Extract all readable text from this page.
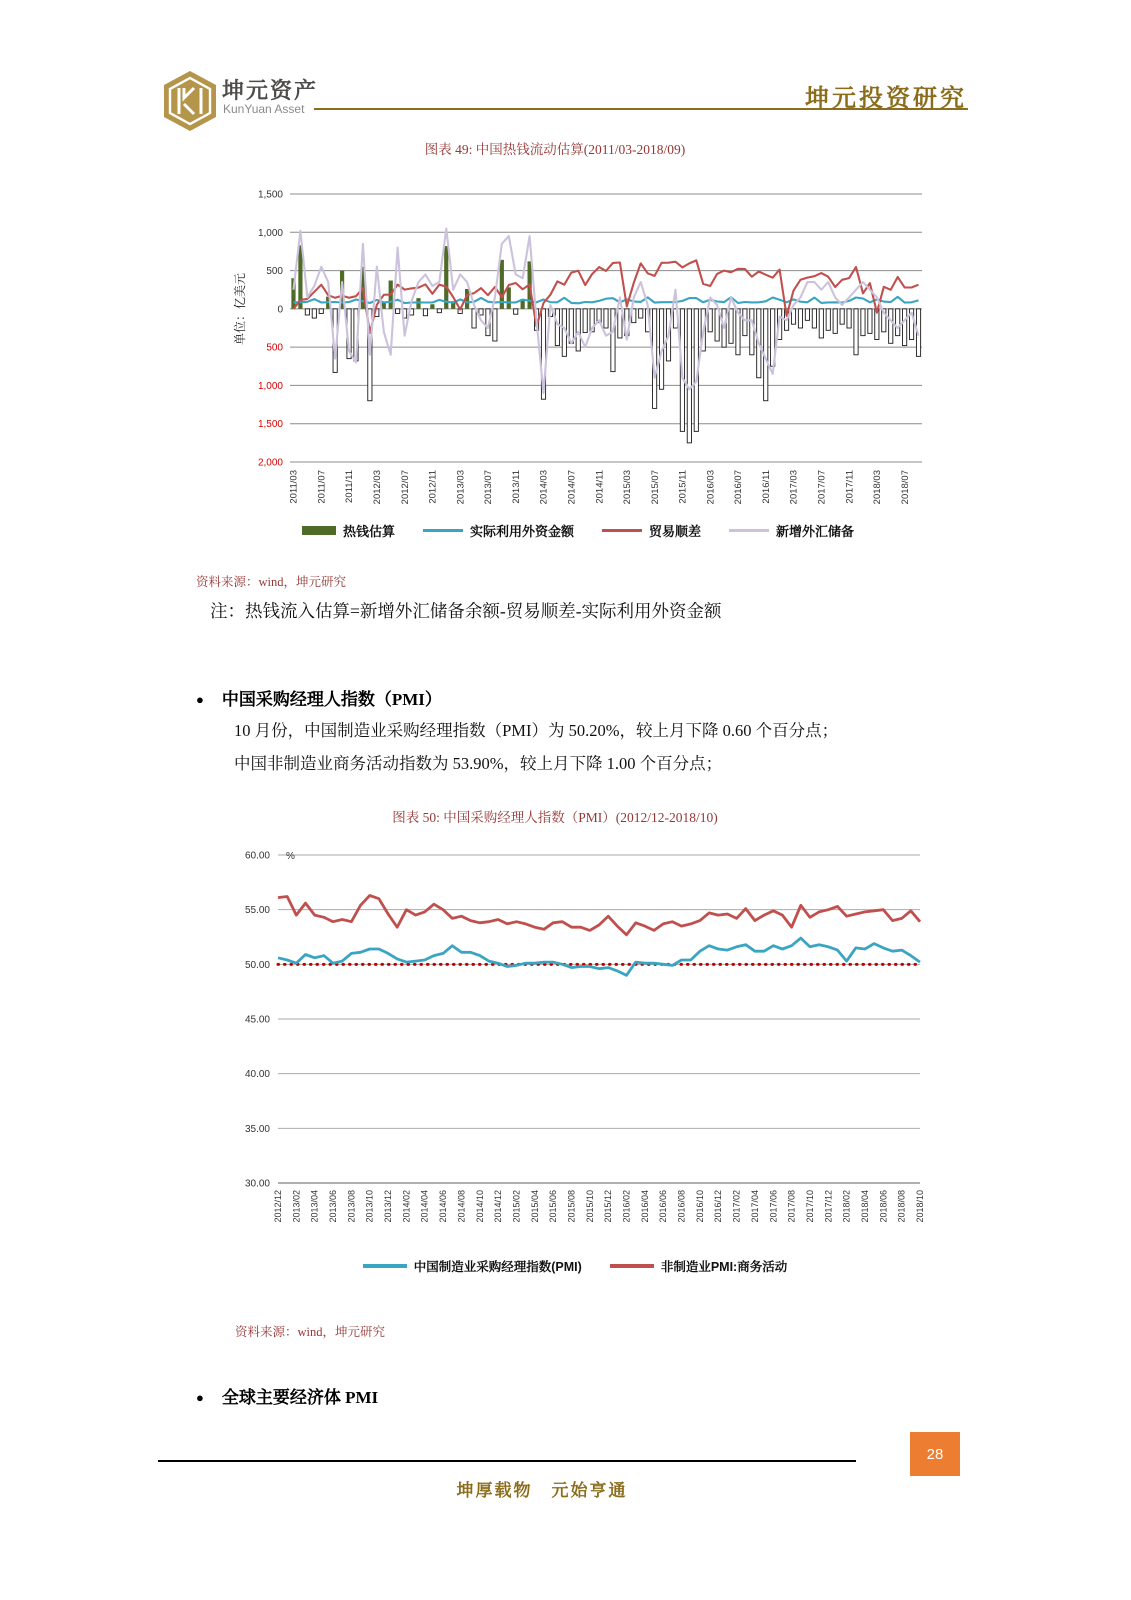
坤元资产
KunYuan Asset	坤元投资研究
图表 49: 中国热钱流动估算(2011/03-2018/09)
1,500
1,000
500
0
500
1,000
1,500
2,000
2011/03 2011/07 2011/11 2012/03 2012/07 2012/11 2013/03 2013/07 2013/11 2014/03 2014/07 2014/11 2015/03 2015/07 2015/11 2016/03 2016/07 2016/11 2017/03 2017/07 2017/11 2018/03 2018/07
单位：亿美元
热钱估算	实际利用外资金额	贸易顺差	新增外汇储备
资料来源：wind，坤元研究
注：热钱流入估算=新增外汇储备余额-贸易顺差-实际利用外资金额
● 中国采购经理人指数（PMI）
10 月份，中国制造业采购经理指数（PMI）为 50.20%，较上月下降 0.60 个百分点；
中国非制造业商务活动指数为 53.90%，较上月下降 1.00 个百分点；
图表 50: 中国采购经理人指数（PMI）(2012/12-2018/10)
60.00
55.00
50.00
45.00
40.00
35.00
30.00
%
2012/12 2013/02 2013/04 2013/06 2013/08 2013/10 2013/12 2014/02 2014/04 2014/06 2014/08 2014/10 2014/12 2015/02 2015/04 2015/06 2015/08 2015/10 2015/12 2016/02 2016/04 2016/06 2016/08 2016/10 2016/12 2017/02 2017/04 2017/06 2017/08 2017/10 2017/12 2018/02 2018/04 2018/06 2018/08 2018/10
中国制造业采购经理指数(PMI)	非制造业PMI:商务活动
资料来源：wind，坤元研究
● 全球主要经济体 PMI
坤厚载物　元始亨通
28
